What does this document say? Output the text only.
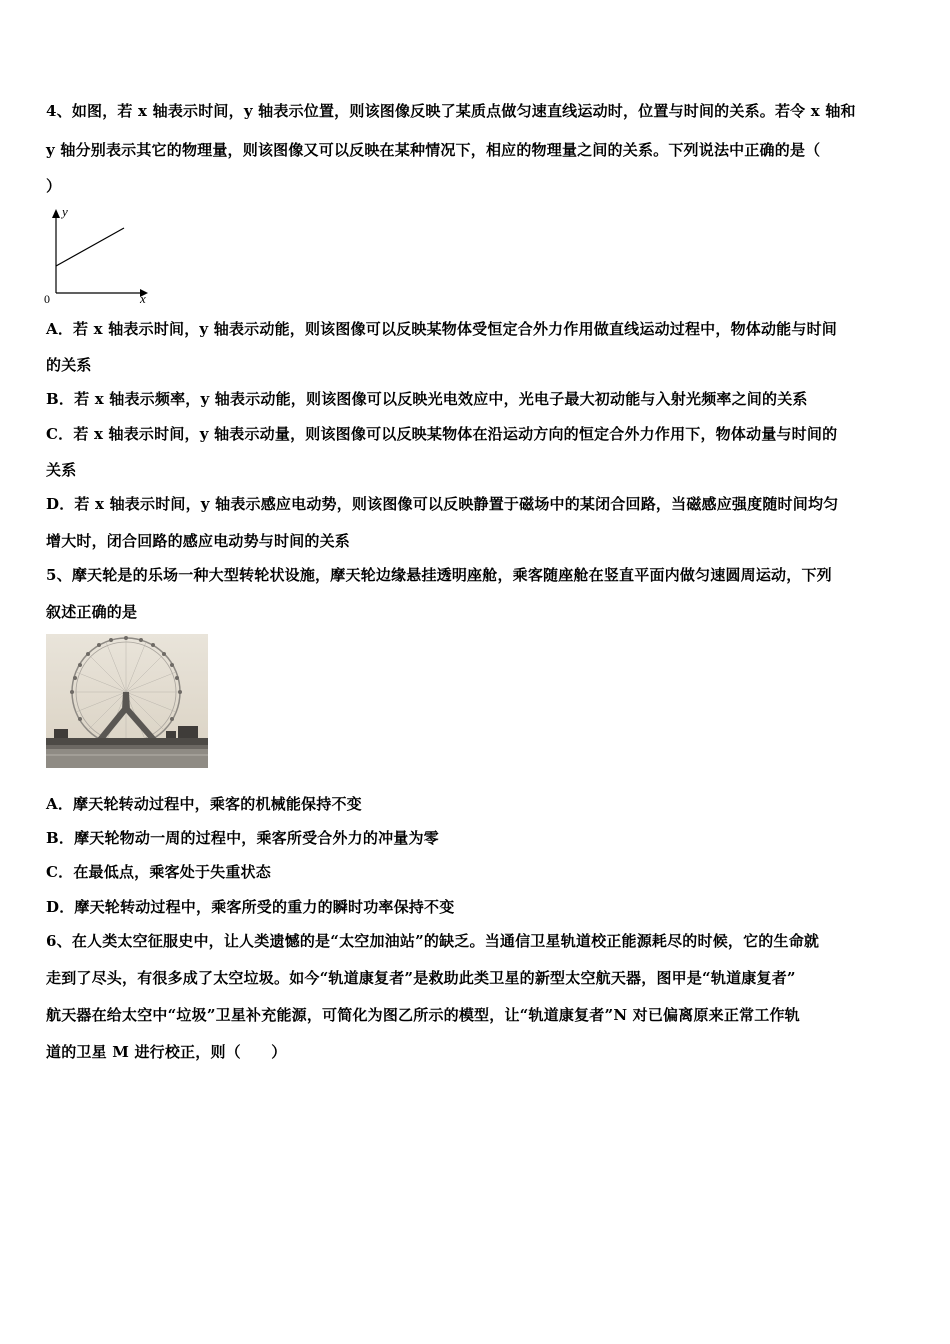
4、如图，若 x 轴表示时间，y 轴表示位置，则该图像反映了某质点做匀速直线运动时，位置与时间的关系。若令 x 轴和
y 轴分别表示其它的物理量，则该图像又可以反映在某种情况下，相应的物理量之间的关系。下列说法中正确的是（
）
y
x
0
A．若 x 轴表示时间，y 轴表示动能，则该图像可以反映某物体受恒定合外力作用做直线运动过程中，物体动能与时间
的关系
B．若 x 轴表示频率，y 轴表示动能，则该图像可以反映光电效应中，光电子最大初动能与入射光频率之间的关系
C．若 x 轴表示时间，y 轴表示动量，则该图像可以反映某物体在沿运动方向的恒定合外力作用下，物体动量与时间的
关系
D．若 x 轴表示时间，y 轴表示感应电动势，则该图像可以反映静置于磁场中的某闭合回路，当磁感应强度随时间均匀
增大时，闭合回路的感应电动势与时间的关系
5、摩天轮是的乐场一种大型转轮状设施，摩天轮边缘悬挂透明座舱，乘客随座舱在竖直平面内做匀速圆周运动，下列
叙述正确的是
A．摩天轮转动过程中，乘客的机械能保持不变
B．摩天轮物动一周的过程中，乘客所受合外力的冲量为零
C．在最低点，乘客处于失重状态
D．摩天轮转动过程中，乘客所受的重力的瞬时功率保持不变
6、在人类太空征服史中，让人类遗憾的是“太空加油站”的缺乏。当通信卫星轨道校正能源耗尽的时候，它的生命就
走到了尽头，有很多成了太空垃圾。如今“轨道康复者”是救助此类卫星的新型太空航天器，图甲是“轨道康复者”
航天器在给太空中“垃圾”卫星补充能源，可简化为图乙所示的模型，让“轨道康复者”N 对已偏离原来正常工作轨
道的卫星 M 进行校正，则（　　）
